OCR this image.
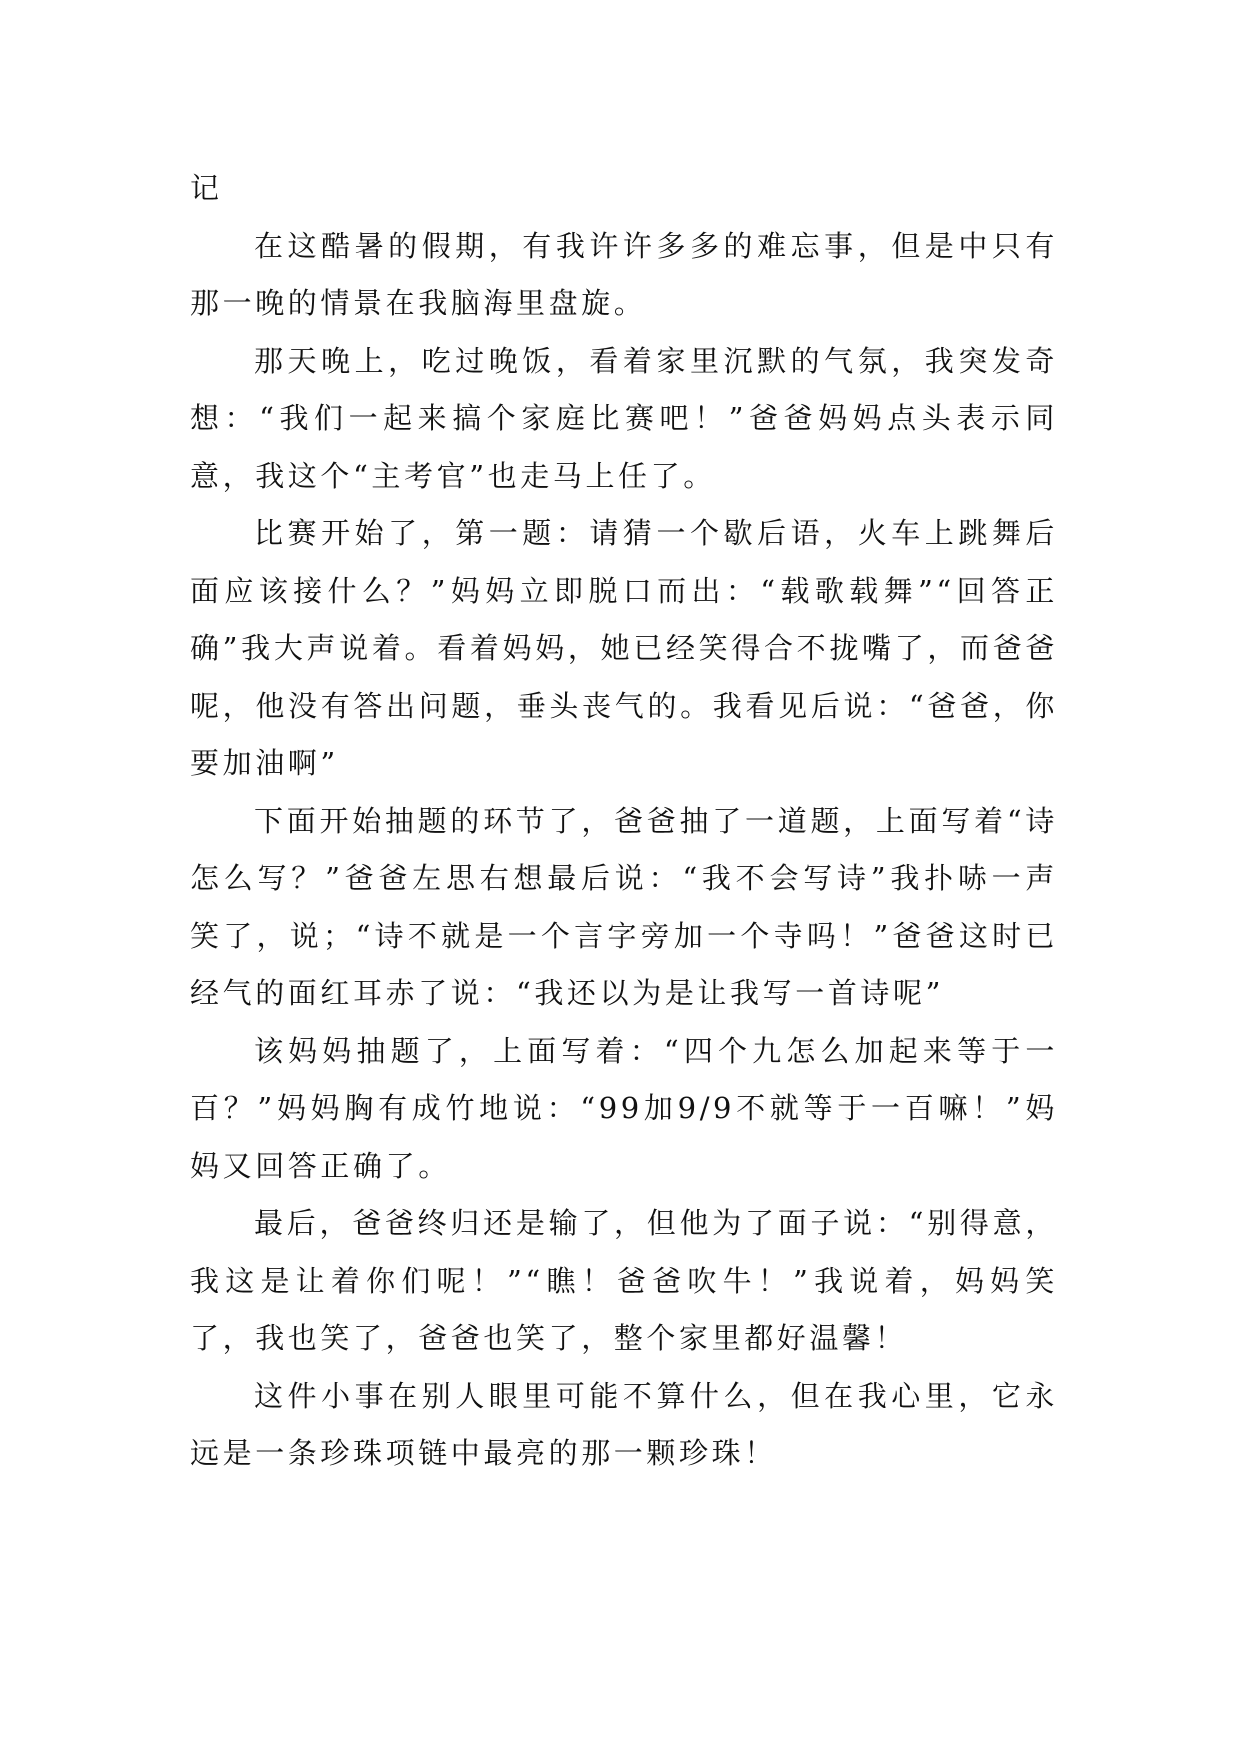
记

在这酷暑的假期，有我许许多多的难忘事，但是中只有那一晚的情景在我脑海里盘旋。

那天晚上，吃过晚饭，看着家里沉默的气氛，我突发奇想：“我们一起来搞个家庭比赛吧！”爸爸妈妈点头表示同意，我这个“主考官”也走马上任了。

比赛开始了，第一题：请猜一个歇后语，火车上跳舞后面应该接什么？”妈妈立即脱口而出：“载歌载舞”“回答正确”我大声说着。看着妈妈，她已经笑得合不拢嘴了，而爸爸呢，他没有答出问题，垂头丧气的。我看见后说：“爸爸，你要加油啊”

下面开始抽题的环节了，爸爸抽了一道题，上面写着“诗怎么写？”爸爸左思右想最后说：“我不会写诗”我扑哧一声笑了，说；“诗不就是一个言字旁加一个寺吗！”爸爸这时已经气的面红耳赤了说：“我还以为是让我写一首诗呢”

该妈妈抽题了，上面写着：“四个九怎么加起来等于一百？”妈妈胸有成竹地说：“99加9/9不就等于一百嘛！”妈妈又回答正确了。

最后，爸爸终归还是输了，但他为了面子说：“别得意，我这是让着你们呢！”“瞧！爸爸吹牛！”我说着，妈妈笑了，我也笑了，爸爸也笑了，整个家里都好温馨！

这件小事在别人眼里可能不算什么，但在我心里，它永远是一条珍珠项链中最亮的那一颗珍珠！
